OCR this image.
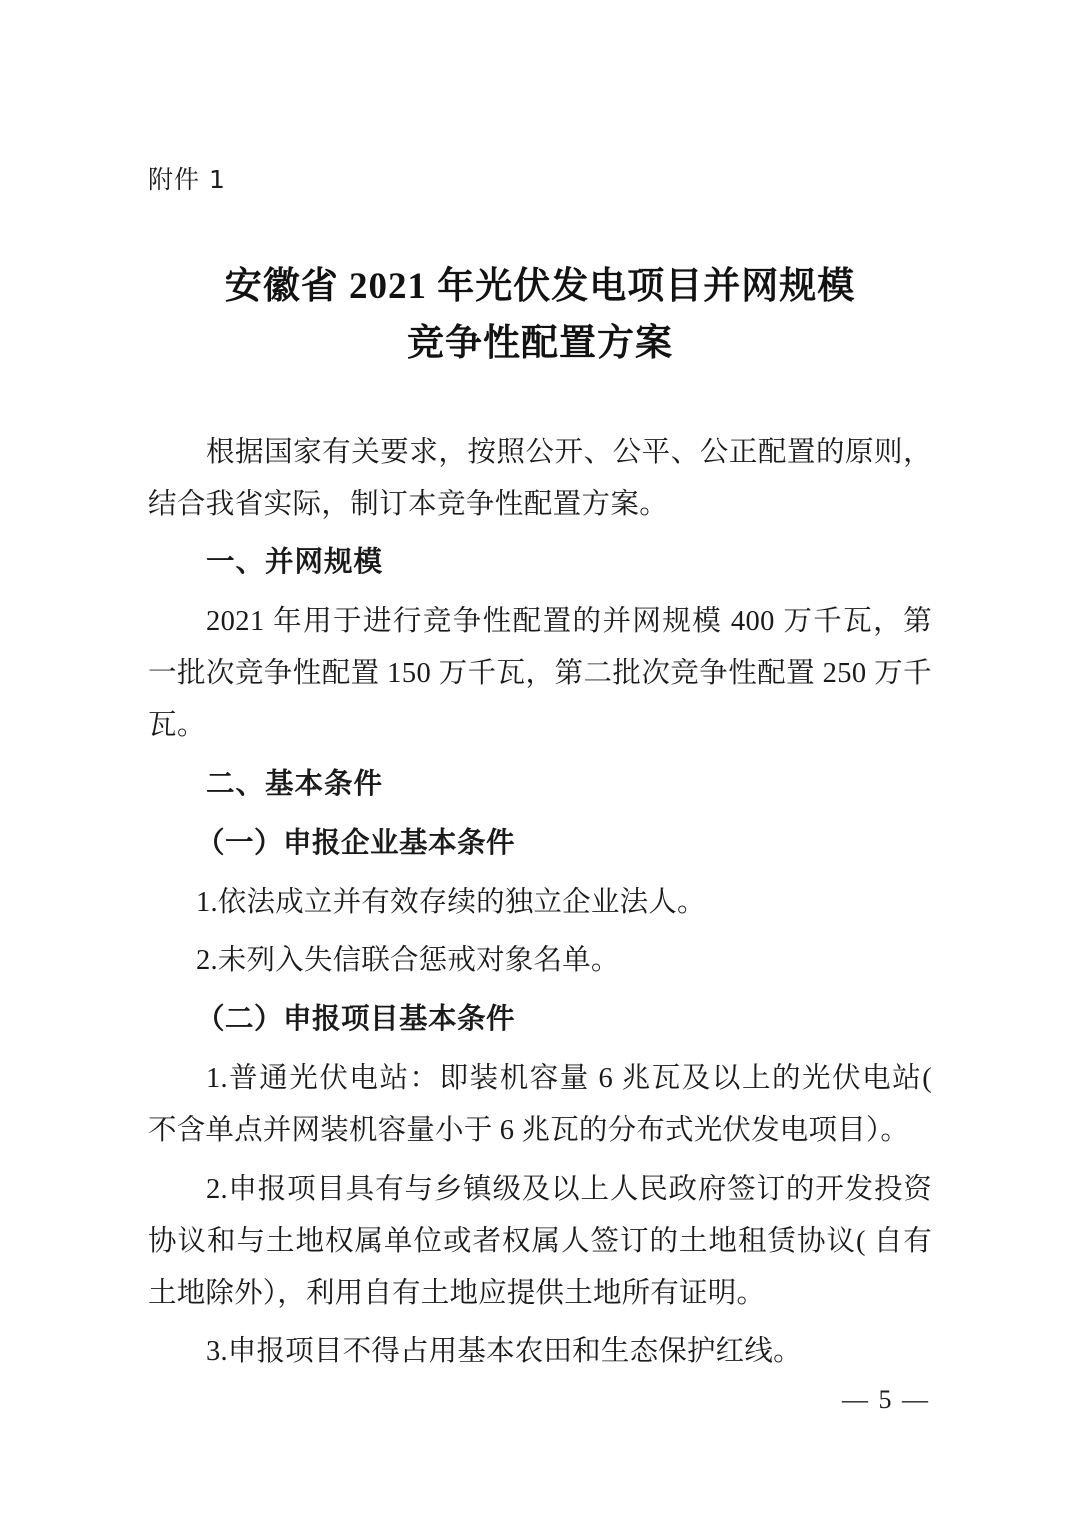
附件 1

安徽省 2021 年光伏发电项目并网规模
竞争性配置方案

根据国家有关要求，按照公开、公平、公正配置的原则，结合我省实际，制订本竞争性配置方案。

一、并网规模

2021 年用于进行竞争性配置的并网规模 400 万千瓦，第一批次竞争性配置 150 万千瓦，第二批次竞争性配置 250 万千瓦。

二、基本条件

（一）申报企业基本条件

1.依法成立并有效存续的独立企业法人。

2.未列入失信联合惩戒对象名单。

（二）申报项目基本条件

1.普通光伏电站：即装机容量 6 兆瓦及以上的光伏电站( 不含单点并网装机容量小于 6 兆瓦的分布式光伏发电项目）。

2.申报项目具有与乡镇级及以上人民政府签订的开发投资协议和与土地权属单位或者权属人签订的土地租赁协议( 自有土地除外），利用自有土地应提供土地所有证明。

3.申报项目不得占用基本农田和生态保护红线。

— 5 —
